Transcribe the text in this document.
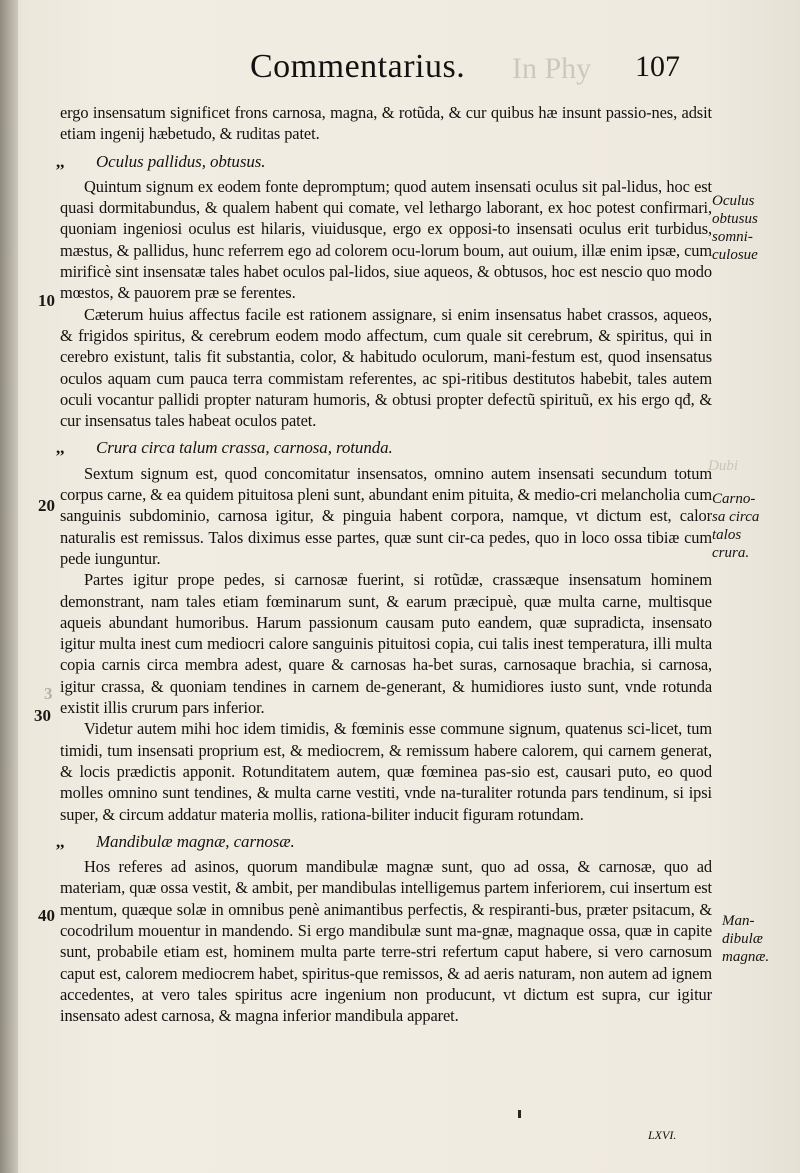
Commentarius. In Phy 107

ergo insensatum significet frons carnosa, magna, & rotũda, & cur quibus hæ insunt passio-nes, adsit etiam ingenij hæbetudo, & ruditas patet.

,, Oculus pallidus, obtusus.

Quintum signum ex eodem fonte depromptum; quod autem insensati oculus sit pal-lidus, hoc est quasi dormitabundus, & qualem habent qui comate, vel lethargo laborant, ex hoc potest confirmari, quoniam ingeniosi oculus est hilaris, viuidusque, ergo ex opposi-to insensati oculus erit turbidus, mæstus, & pallidus, hunc referrem ego ad colorem ocu-lorum boum, aut ouium, illæ enim ipsæ, cum mirificè sint insensatæ tales habet oculos pal-lidos, siue aqueos, & obtusos, hoc est nescio quo modo mœstos, & pauorem præ se ferentes.

Cæterum huius affectus facile est rationem assignare, si enim insensatus habet crassos, aqueos, & frigidos spiritus, & cerebrum eodem modo affectum, cum quale sit cerebrum, & spiritus, qui in cerebro existunt, talis fit substantia, color, & habitudo oculorum, mani-festum est, quod insensatus oculos aquam cum pauca terra commistam referentes, ac spi-ritibus destitutos habebit, tales autem oculi vocantur pallidi propter naturam humoris, & obtusi propter defectũ spirituũ, ex his ergo qđ, & cur insensatus tales habeat oculos patet.

,, Crura circa talum crassa, carnosa, rotunda.

Sextum signum est, quod concomitatur insensatos, omnino autem insensati secundum totum corpus carne, & ea quidem pituitosa pleni sunt, abundant enim pituita, & medio-cri melancholia cum sanguinis subdominio, carnosa igitur, & pinguia habent corpora, namque, vt dictum est, calor naturalis est remissus. Talos diximus esse partes, quæ sunt cir-ca pedes, quo in loco ossa tibiæ cum pede iunguntur.

Partes igitur prope pedes, si carnosæ fuerint, si rotũdæ, crassæque insensatum hominem demonstrant, nam tales etiam fœminarum sunt, & earum præcipuè, quæ multa carne, multisque aqueis abundant humoribus. Harum passionum causam puto eandem, quæ supradicta, insensato igitur multa inest cum mediocri calore sanguinis pituitosi copia, cui talis inest temperatura, illi multa copia carnis circa membra adest, quare & carnosas ha-bet suras, carnosaque brachia, si carnosa, igitur crassa, & quoniam tendines in carnem de-generant, & humidiores iusto sunt, vnde rotunda existit illis crurum pars inferior.

Videtur autem mihi hoc idem timidis, & fœminis esse commune signum, quatenus sci-licet, tum timidi, tum insensati proprium est, & mediocrem, & remissum habere calorem, qui carnem generat, & locis prædictis apponit. Rotunditatem autem, quæ fœminea pas-sio est, causari puto, eo quod molles omnino sunt tendines, & multa carne vestiti, vnde na-turaliter rotunda pars tendinum, si ipsi super, & circum addatur materia mollis, rationa-biliter inducit figuram rotundam.

,, Mandibulæ magnæ, carnosæ.

Hos referes ad asinos, quorum mandibulæ magnæ sunt, quo ad ossa, & carnosæ, quo ad materiam, quæ ossa vestit, & ambit, per mandibulas intelligemus partem inferiorem, cui insertum est mentum, quæque solæ in omnibus penè animantibus perfectis, & respiranti-bus, præter psitacum, & cocodrilum mouentur in mandendo. Si ergo mandibulæ sunt ma-gnæ, magnaque ossa, quæ in capite sunt, probabile etiam est, hominem multa parte terre-stri refertum caput habere, si vero carnosum caput est, calorem mediocrem habet, spiritus-que remissos, & ad aeris naturam, non autem ad ignem accedentes, at vero tales spiritus acre ingenium non producunt, vt dictum est supra, cur igitur insensato adest carnosa, & magna inferior mandibula apparet.

10
20
3
30
40
Oculus obtusus somni-culosue
Dubi
Carno-sa circa talos crura.
Man-dibulæ magnæ.
LXVI.
